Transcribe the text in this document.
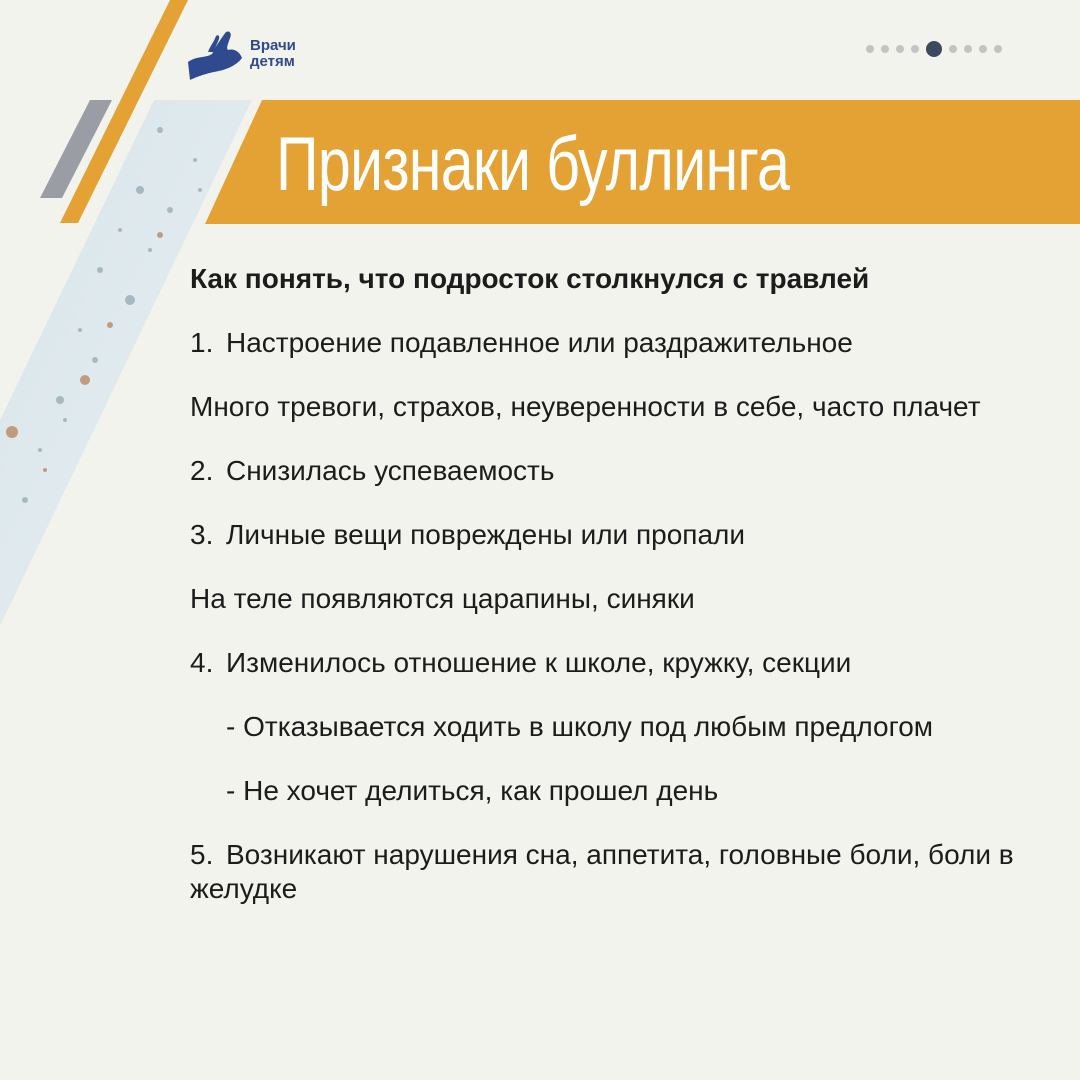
Врачи
детям
Признаки буллинга

Как понять, что подросток столкнулся с травлей

1. Настроение подавленное или раздражительное

Много тревоги, страхов, неуверенности в себе, часто плачет

2. Снизилась успеваемость

3. Личные вещи повреждены или пропали

На теле появляются царапины, синяки

4. Изменилось отношение к школе, кружку, секции

- Отказывается ходить в школу под любым предлогом

- Не хочет делиться, как прошел день

5. Возникают нарушения сна, аппетита, головные боли, боли в желудке
